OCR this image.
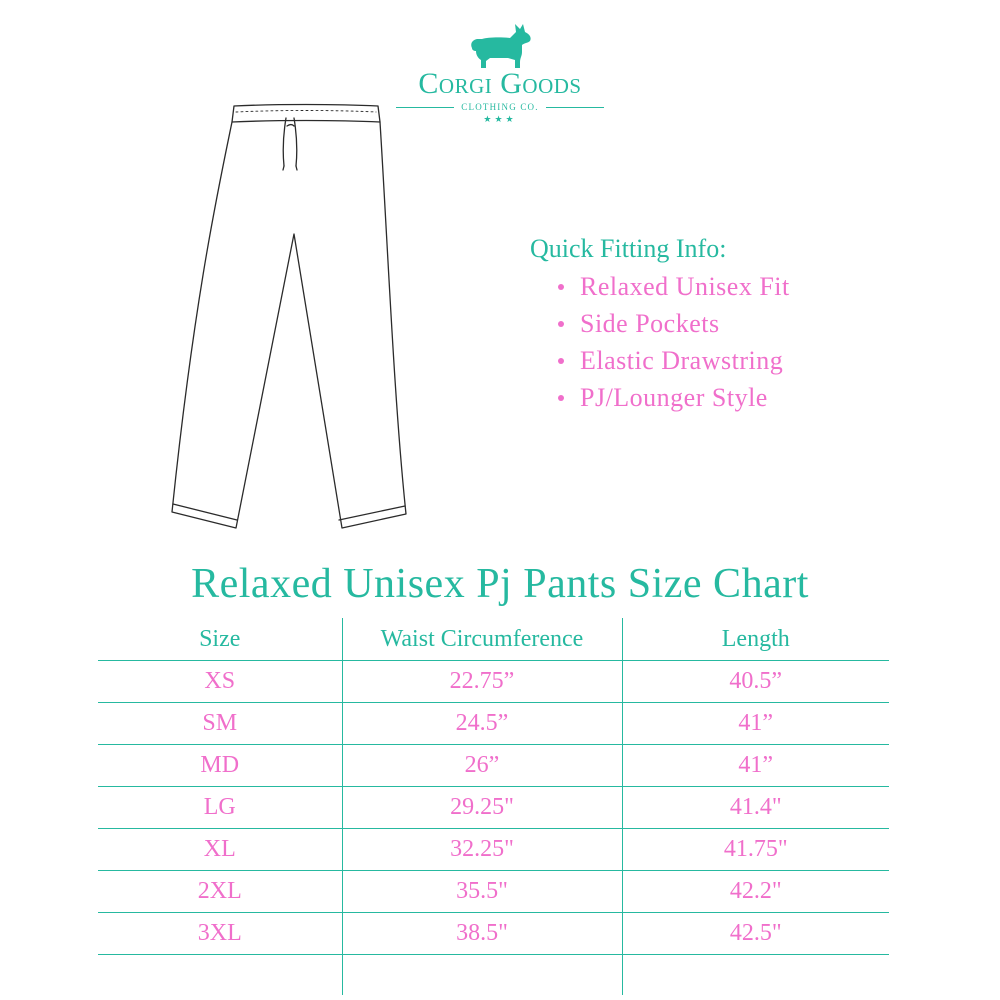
Corgi Goods
CLOTHING CO.
★★★
Quick Fitting Info:
Relaxed Unisex Fit
Side Pockets
Elastic Drawstring
PJ/Lounger Style
Relaxed Unisex Pj Pants Size Chart
Size	Waist Circumference	Length
XS	22.75”	40.5”
SM	24.5”	41”
MD	26”	41”
LG	29.25"	41.4"
XL	32.25"	41.75"
2XL	35.5"	42.2"
3XL	38.5"	42.5"
